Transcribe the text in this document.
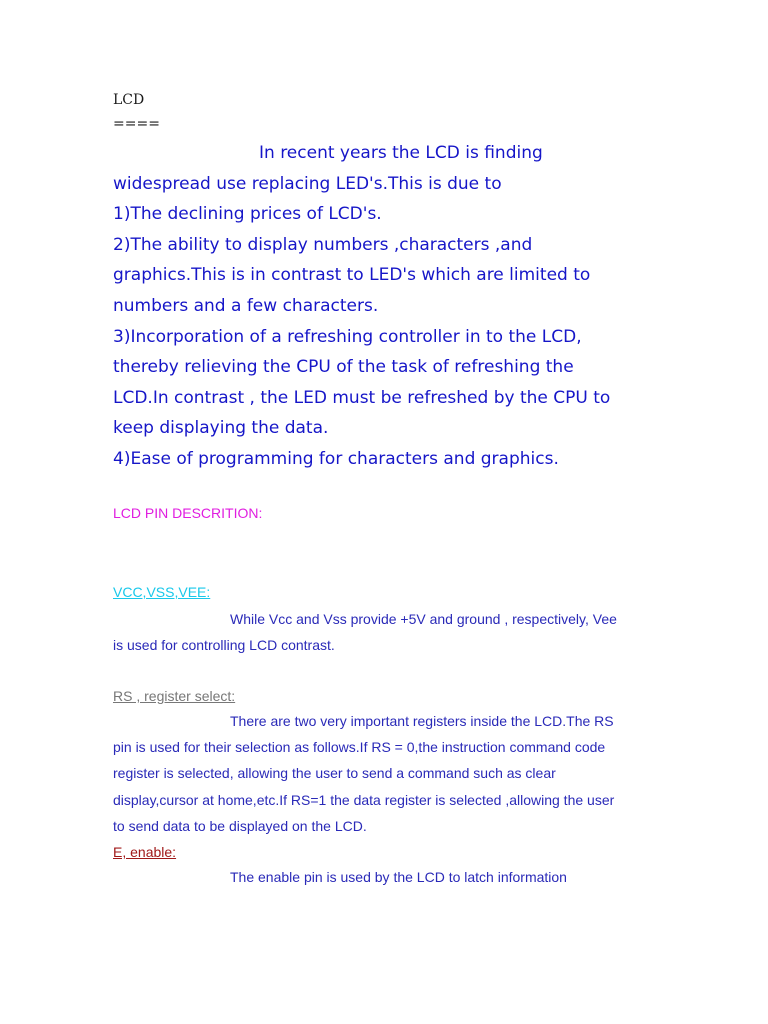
LCD
====
In recent years the LCD is finding
widespread use replacing LED's.This is due to
1)The declining prices of LCD's.
2)The ability to display numbers ,characters ,and
graphics.This is in contrast to LED's which are limited to
numbers and a few characters.
3)Incorporation of a refreshing controller in to the LCD,
thereby relieving the CPU of the task of refreshing the
LCD.In contrast , the LED must be refreshed by the CPU to
keep displaying the data.
4)Ease of programming for characters and graphics.
LCD PIN DESCRITION:
VCC,VSS,VEE:
While Vcc and Vss provide +5V and ground , respectively, Vee
is used for controlling LCD contrast.
RS , register select:
There are two very important registers inside the LCD.The RS
pin is used for their selection as follows.If RS = 0,the instruction command code
register is selected, allowing the user to send a command such as clear
display,cursor at home,etc.If RS=1 the data register is selected ,allowing the user
to send data to be displayed on the LCD.
E, enable:
The enable pin is used by the LCD to latch information
